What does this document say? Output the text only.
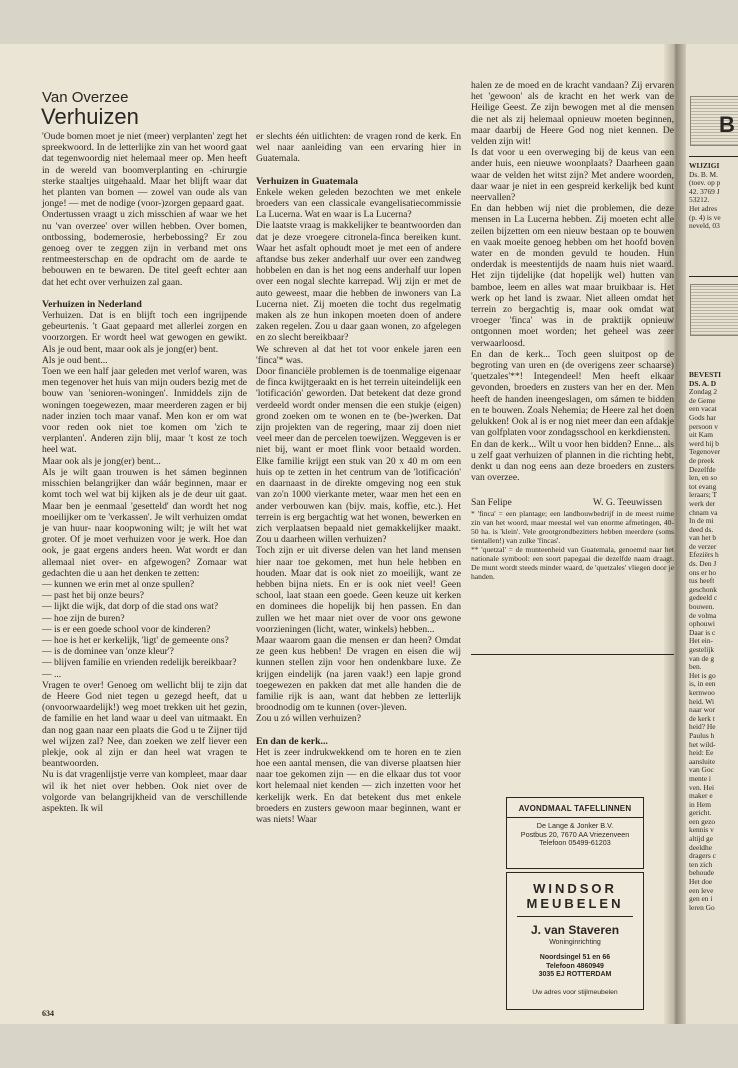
B
WIJZIGI
Ds. B. M.
(toev. op p
42. 3769 J
53212.
Het adres
(p. 4) is ve
neveld, 03
BEVESTI
DS. A. D
Zondag 2
de Geme
een vacat
Gods har
persoon v
uit Kam
werd hij b
Tegenover
de preek
Dezelfde
len, en so
tot evang
leraars; T
werk der
chnam va
In de mi
deed ds.
van het b
de verzer
Efeziërs h
ds. Den J
ons er ho
tus heeft
geschonk
gedeeld c
bouwen.
de volma
ophouwi
Daar is c
Het ein-
gestelijk
van de g
ben.
Het is go
is, in een
kernwoo
heid. Wi
naar wor
de kerk t
heid? He
Paulus h
het wild-
heid: Ee
aansluite
van Goc
mente i
ven. Hei
maker e
in Hem
gericht.
een gezo
kennis v
altijd ge
deeldhe
dragers c
ten zich
behoude
Het doe
een leve
gen en i
leren Go
Van Overzee
Verhuizen

'Oude bomen moet je niet (meer) verplanten' zegt het spreekwoord. In de letterlijke zin van het woord gaat dat tegenwoordig niet helemaal meer op. Men heeft in de wereld van boomverplanting en -chirurgie sterke staaltjes uitgehaald. Maar het blijft waar dat het planten van bomen — zowel van oude als van jonge! — met de nodige (voor-)zorgen gepaard gaat.

Ondertussen vraagt u zich misschien af waar we het nu 'van overzee' over willen hebben. Over bomen, ontbossing, bodemerosie, herbebossing? Er zou genoeg over te zeggen zijn in verband met ons rentmeesterschap en de opdracht om de aarde te bebouwen en te bewaren. De titel geeft echter aan dat het echt over verhuizen zal gaan.

Verhuizen in Nederland

Verhuizen. Dat is en blijft toch een ingrijpende gebeurtenis. 't Gaat gepaard met allerlei zorgen en voorzorgen. Er wordt heel wat gewogen en gewikt. Als je oud bent, maar ook als je jong(er) bent.

Als je oud bent...

Toen we een half jaar geleden met verlof waren, was men tegenover het huis van mijn ouders bezig met de bouw van 'senioren-woningen'. Inmiddels zijn de woningen toegewezen, maar meerderen zagen er bij nader inzien toch maar vanaf. Men kon er om wat voor reden ook niet toe komen om 'zich te verplanten'. Anderen zijn blij, maar 't kost ze toch heel wat.

Maar ook als je jong(er) bent...

Als je wilt gaan trouwen is het sámen beginnen misschien belangrijker dan wáár beginnen, maar er komt toch wel wat bij kijken als je de deur uit gaat. Maar ben je eenmaal 'gesetteld' dan wordt het nog moeilijker om te 'verkassen'. Je wilt verhuizen omdat je van huur- naar koopwoning wilt; je wilt het wat groter. Of je moet verhuizen voor je werk. Hoe dan ook, je gaat ergens anders heen. Wat wordt er dan allemaal niet over- en afgewogen? Zomaar wat gedachten die u aan het denken te zetten:

— kunnen we erin met al onze spullen?

— past het bij onze beurs?

— lijkt die wijk, dat dorp of die stad ons wat?

— hoe zijn de buren?

— is er een goede school voor de kinderen?

— hoe is het er kerkelijk, 'ligt' de gemeente ons?

— is de dominee van 'onze kleur'?

— blijven familie en vrienden redelijk bereikbaar?

— ...

Vragen te over! Genoeg om wellicht blij te zijn dat de Heere God niet tegen u gezegd heeft, dat u (onvoorwaardelijk!) weg moet trekken uit het gezin, de familie en het land waar u deel van uitmaakt. En dan nog gaan naar een plaats die God u te Zijner tijd wel wijzen zal? Nee, dan zoeken we zelf liever een plekje, ook al zijn er dan heel wat vragen te beantwoorden.

Nu is dat vragenlijstje verre van kompleet, maar daar wil ik het niet over hebben. Ook niet over de volgorde van belangrijkheid van de verschillende aspekten. Ik wil

er slechts één uitlichten: de vragen rond de kerk. En wel naar aanleiding van een ervaring hier in Guatemala.

Verhuizen in Guatemala

Enkele weken geleden bezochten we met enkele broeders van een classicale evangelisatiecommissie La Lucerna. Wat en waar is La Lucerna?

Die laatste vraag is makkelijker te beantwoorden dan dat je deze vroegere citronela-finca bereiken kunt. Waar het asfalt ophoudt moet je met een of andere aftandse bus zeker anderhalf uur over een zandweg hobbelen en dan is het nog eens anderhalf uur lopen over een nogal slechte karrepad. Wij zijn er met de auto geweest, maar die hebben de inwoners van La Lucerna niet. Zij moeten die tocht dus regelmatig maken als ze hun inkopen moeten doen of andere zaken regelen. Zou u daar gaan wonen, zo afgelegen en zo slecht bereikbaar?

We schreven al dat het tot voor enkele jaren een 'finca'* was.

Door financiële problemen is de toenmalige eigenaar de finca kwijtgeraakt en is het terrein uiteindelijk een 'lotificación' geworden. Dat betekent dat deze grond verdeeld wordt onder mensen die een stukje (eigen) grond zoeken om te wonen en te (be-)werken. Dat zijn projekten van de regering, maar zij doen niet veel meer dan de percelen toewijzen. Weggeven is er niet bij, want er moet flink voor betaald worden. Elke familie krijgt een stuk van 20 x 40 m om een huis op te zetten in het centrum van de 'lotificación' en daarnaast in de direkte omgeving nog een stuk van zo'n 1000 vierkante meter, waar men het een en ander verbouwen kan (bijv. mais, koffie, etc.). Het terrein is erg bergachtig wat het wonen, bewerken en zich verplaatsen bepaald niet gemakkelijker maakt. Zou u daarheen willen verhuizen?

Toch zijn er uit diverse delen van het land mensen hier naar toe gekomen, met hun hele hebben en houden. Maar dat is ook niet zo moeilijk, want ze hebben bijna niets. En er is ook niet veel! Geen school, laat staan een goede. Geen keuze uit kerken en dominees die hopelijk bij hen passen. En dan zullen we het maar niet over de voor ons gewone voorzieningen (licht, water, winkels) hebben...

Maar waarom gaan die mensen er dan heen? Omdat ze geen kus hebben! De vragen en eisen die wij kunnen stellen zijn voor hen ondenkbare luxe. Ze krijgen eindelijk (na jaren vaak!) een lapje grond toegewezen en pakken dat met alle handen die de familie rijk is aan, want dat hebben ze letterlijk broodnodig om te kunnen (over-)leven.

Zou u zó willen verhuizen?

En dan de kerk...

Het is zeer indrukwekkend om te horen en te zien hoe een aantal mensen, die van diverse plaatsen hier naar toe gekomen zijn — en die elkaar dus tot voor kort helemaal niet kenden — zich inzetten voor het kerkelijk werk. En dat betekent dus met enkele broeders en zusters gewoon maar beginnen, want er was niets! Waar

halen ze de moed en de kracht vandaan? Zij ervaren het 'gewoon' als de kracht en het werk van de Heilige Geest. Ze zijn bewogen met al die mensen die net als zij helemaal opnieuw moeten beginnen, maar daarbij de Heere God nog niet kennen. De velden zijn wit!

Is dat voor u een overweging bij de keus van een ander huis, een nieuwe woonplaats? Daarheen gaan waar de velden het witst zijn? Met andere woorden, daar waar je niet in een gespreid kerkelijk bed kunt neervallen?

En dan hebben wij niet die problemen, die deze mensen in La Lucerna hebben. Zij moeten echt alle zeilen bijzetten om een nieuw bestaan op te bouwen en vaak moeite genoeg hebben om het hoofd boven water en de monden gevuld te houden. Hun onderdak is meestentijds de naam huis niet waard. Het zijn tijdelijke (dat hopelijk wel) hutten van bamboe, leem en alles wat maar bruikbaar is. Het werk op het land is zwaar. Niet alleen omdat het terrein zo bergachtig is, maar ook omdat wat vroeger 'finca' was in de praktijk opnieuw ontgonnen moet worden; het geheel was zeer verwaarloosd.

En dan de kerk... Toch geen sluitpost op de begroting van uren en (de overigens zeer schaarse) 'quetzales'**! Integendeel! Men heeft elkaar gevonden, broeders en zusters van her en der. Men heeft de handen ineengeslagen, om sámen te bidden en te bouwen. Zoals Nehemia; de Heere zal het doen gelukken! Ook al is er nog niet meer dan een afdakje van golfplaten voor zondagsschool en kerkdiensten.

En dan de kerk... Wilt u voor hen bidden? Enne... als u zelf gaat verhuizen of plannen in die richting hebt, denkt u dan nog eens aan deze broeders en zusters van overzee.

San Felipe	W. G. Teeuwissen

* 'finca' = een plantage; een landbouwbedrijf in de meest ruime zin van het woord, maar meestal wel van enorme afmetingen, 40-50 ha. is 'klein'. Vele grootgrondbezitters hebben meerdere (soms tientallen!) van zulke 'fincas'.

** 'quetzal' = de munteenheid van Guatemala, genoemd naar het nationale symbool: een soort papegaai die dezelfde naam draagt. De munt wordt steeds minder waard, de 'quetzales' vliegen door je handen.

AVONDMAAL TAFELLINNEN
De Lange & Jonker B.V.
Postbus 20, 7670 AA Vriezenveen
Telefoon 05499-61203
WINDSOR
MEUBELEN
J. van Staveren
Woninginrichting
Noordsingel 51 en 66
Telefoon 4860949
3035 EJ ROTTERDAM
Uw adres voor stijlmeubelen
634
